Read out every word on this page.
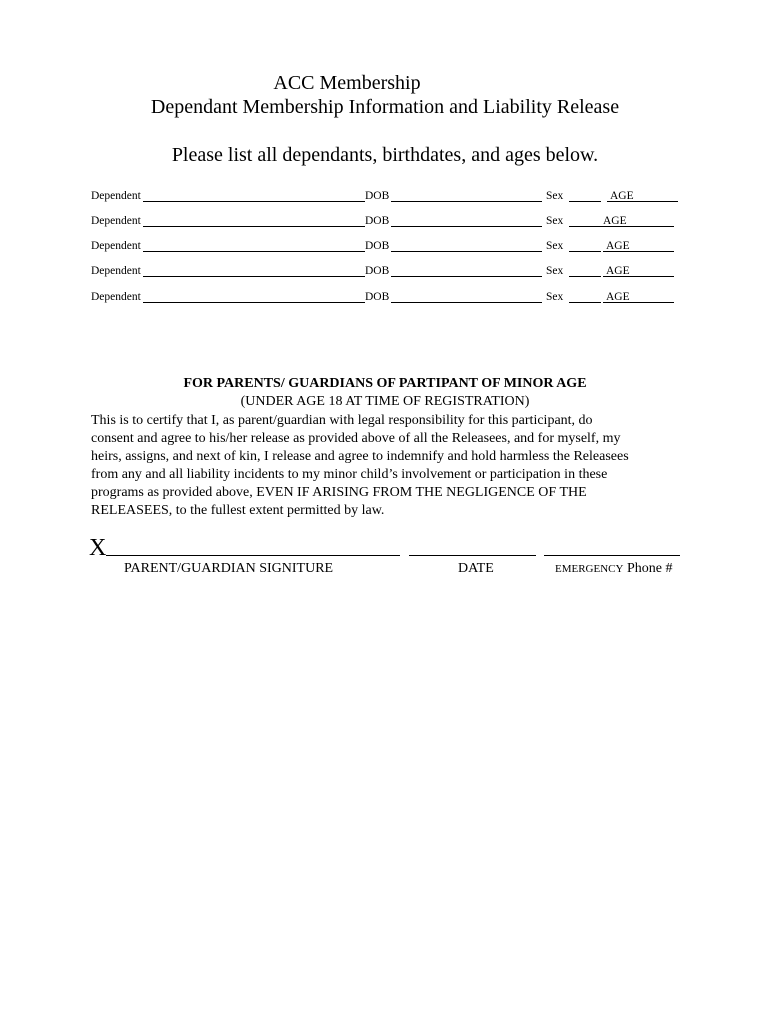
ACC Membership
Dependant Membership Information and Liability Release
Please list all dependants, birthdates, and ages below.
Dependent	DOB	Sex	AGE
Dependent	DOB	Sex	AGE
Dependent	DOB	Sex	AGE
Dependent	DOB	Sex	AGE
Dependent	DOB	Sex	AGE
FOR PARENTS/ GUARDIANS OF PARTIPANT OF MINOR AGE
(UNDER AGE 18 AT TIME OF REGISTRATION)

This is to certify that I, as parent/guardian with legal responsibility for this participant, do

consent and agree to his/her release as provided above of all the Releasees, and for myself, my

heirs, assigns, and next of kin, I release and agree to indemnify and hold harmless the Releasees

from any and all liability incidents to my minor child’s involvement or participation in these

programs as provided above, EVEN IF ARISING FROM THE NEGLIGENCE OF THE

RELEASEES, to the fullest extent permitted by law.

X
PARENT/GUARDIAN SIGNITURE	DATE	EMERGENCY Phone #
